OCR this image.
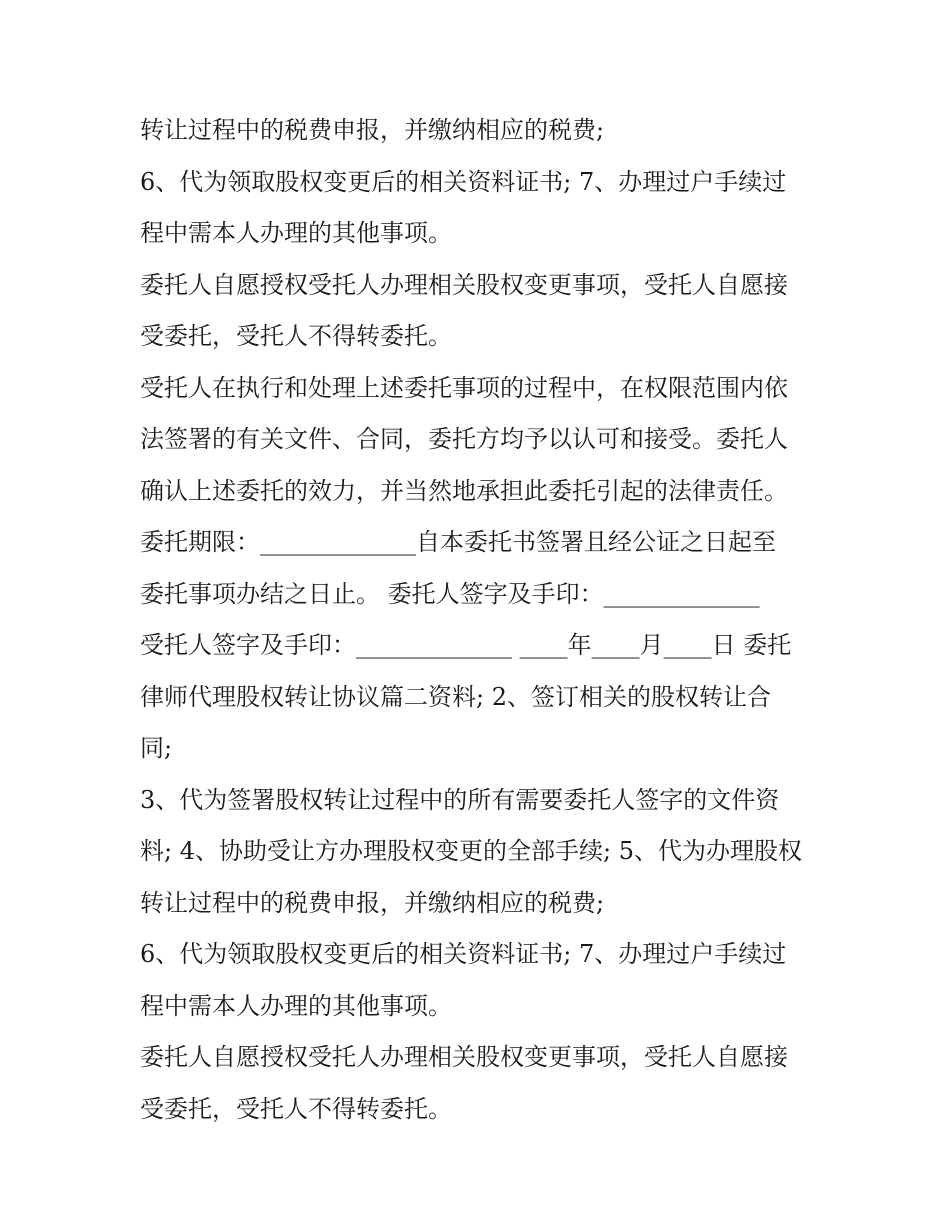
转让过程中的税费申报，并缴纳相应的税费;
6、代为领取股权变更后的相关资料证书; 7、办理过户手续过
程中需本人办理的其他事项。
委托人自愿授权受托人办理相关股权变更事项，受托人自愿接
受委托，受托人不得转委托。
受托人在执行和处理上述委托事项的过程中，在权限范围内依
法签署的有关文件、合同，委托方均予以认可和接受。委托人
确认上述委托的效力，并当然地承担此委托引起的法律责任。
委托期限：_____________自本委托书签署且经公证之日起至
委托事项办结之日止。 委托人签字及手印：_____________
受托人签字及手印：_____________ ____年____月____日 委托
律师代理股权转让协议篇二资料; 2、签订相关的股权转让合
同;
3、代为签署股权转让过程中的所有需要委托人签字的文件资
料; 4、协助受让方办理股权变更的全部手续; 5、代为办理股权
转让过程中的税费申报，并缴纳相应的税费;
6、代为领取股权变更后的相关资料证书; 7、办理过户手续过
程中需本人办理的其他事项。
委托人自愿授权受托人办理相关股权变更事项，受托人自愿接
受委托，受托人不得转委托。
